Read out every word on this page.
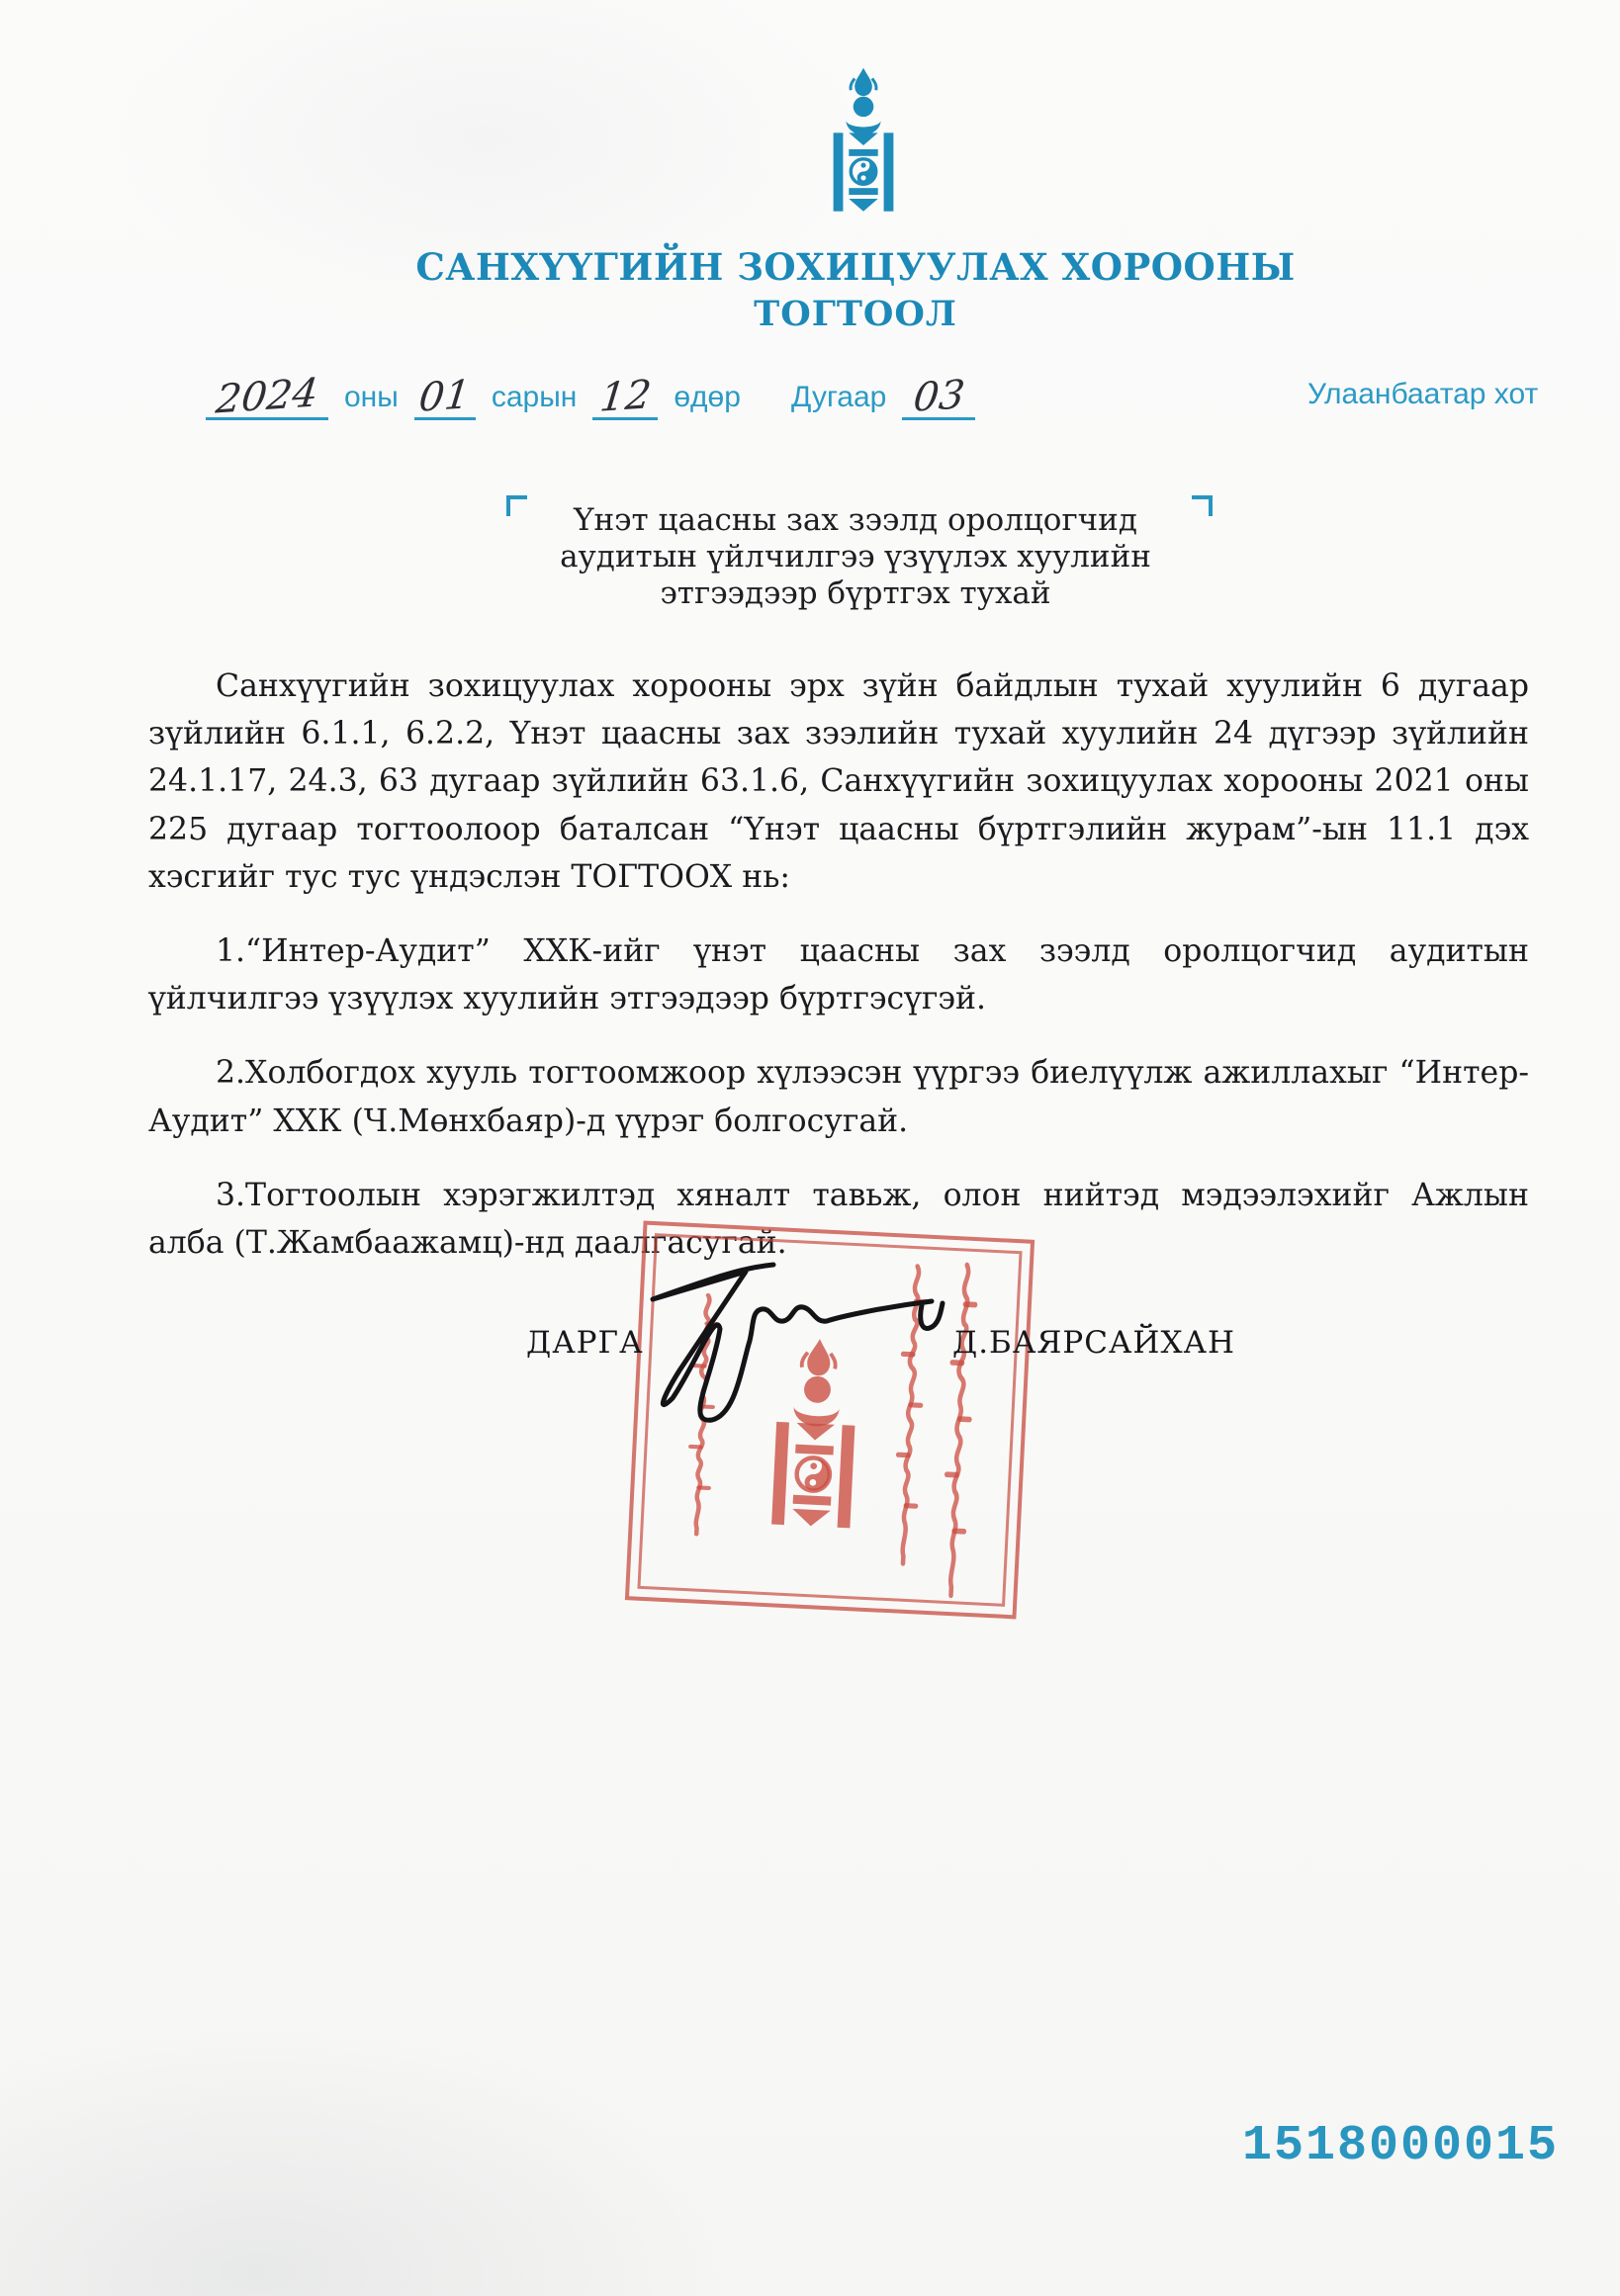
САНХҮҮГИЙН ЗОХИЦУУЛАХ ХОРООНЫ
ТОГТООЛ
2024 оны 01 сарын 12 өдөр Дугаар 03	Улаанбаатар хот
Үнэт цаасны зах зээлд оролцогчид
аудитын үйлчилгээ үзүүлэх хуулийн
этгээдээр бүртгэх тухай

Санхүүгийн зохицуулах хорооны эрх зүйн байдлын тухай хуулийн 6 дугаар зүйлийн 6.1.1, 6.2.2, Үнэт цаасны зах зээлийн тухай хуулийн 24 дүгээр зүйлийн 24.1.17, 24.3, 63 дугаар зүйлийн 63.1.6, Санхүүгийн зохицуулах хорооны 2021 оны 225 дугаар тогтоолоор баталсан “Үнэт цаасны бүртгэлийн журам”-ын 11.1 дэх хэсгийг тус тус үндэслэн ТОГТООХ нь:

1.“Интер-Аудит” ХХК-ийг үнэт цаасны зах зээлд оролцогчид аудитын үйлчилгээ үзүүлэх хуулийн этгээдээр бүртгэсүгэй.

2.Холбогдох хууль тогтоомжоор хүлээсэн үүргээ биелүүлж ажиллахыг “Интер-Аудит” ХХК (Ч.Мөнхбаяр)-д үүрэг болгосугай.

3.Тогтоолын хэрэгжилтэд хяналт тавьж, олон нийтэд мэдээлэхийг Ажлын алба (Т.Жамбаажамц)-нд даалгасугай.

ДАРГА	Д.БАЯРСАЙХАН
1518000015
